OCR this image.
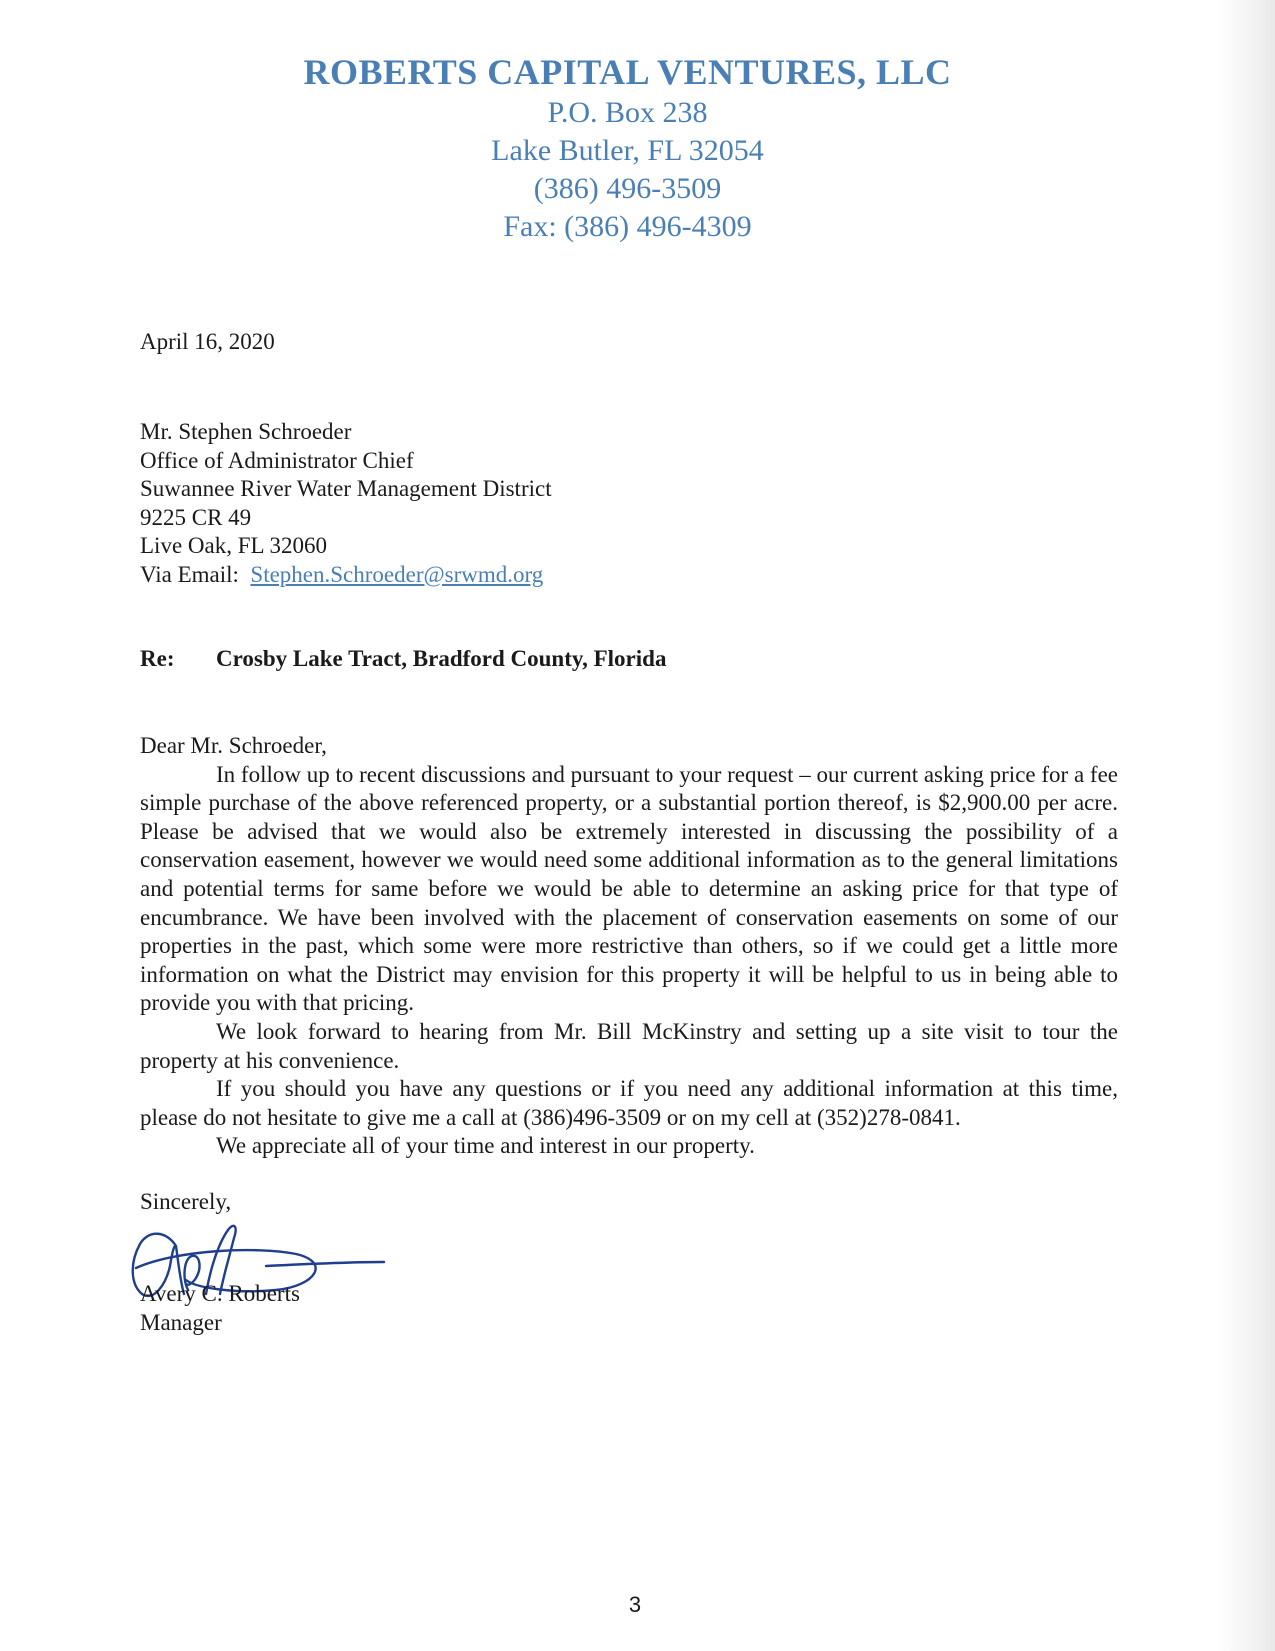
ROBERTS CAPITAL VENTURES, LLC
P.O. Box 238
Lake Butler, FL 32054
(386) 496-3509
Fax: (386) 496-4309
April 16, 2020
Mr. Stephen Schroeder
Office of Administrator Chief
Suwannee River Water Management District
9225 CR 49
Live Oak, FL 32060
Via Email: Stephen.Schroeder@srwmd.org
Re: Crosby Lake Tract, Bradford County, Florida

Dear Mr. Schroeder,

In follow up to recent discussions and pursuant to your request – our current asking price for a fee simple purchase of the above referenced property, or a substantial portion thereof, is $2,900.00 per acre. Please be advised that we would also be extremely interested in discussing the possibility of a conservation easement, however we would need some additional information as to the general limitations and potential terms for same before we would be able to determine an asking price for that type of encumbrance. We have been involved with the placement of conservation easements on some of our properties in the past, which some were more restrictive than others, so if we could get a little more information on what the District may envision for this property it will be helpful to us in being able to provide you with that pricing.

We look forward to hearing from Mr. Bill McKinstry and setting up a site visit to tour the property at his convenience.

If you should you have any questions or if you need any additional information at this time, please do not hesitate to give me a call at (386)496-3509 or on my cell at (352)278-0841.

We appreciate all of your time and interest in our property.

Sincerely,
Avery C. Roberts
Manager
3
